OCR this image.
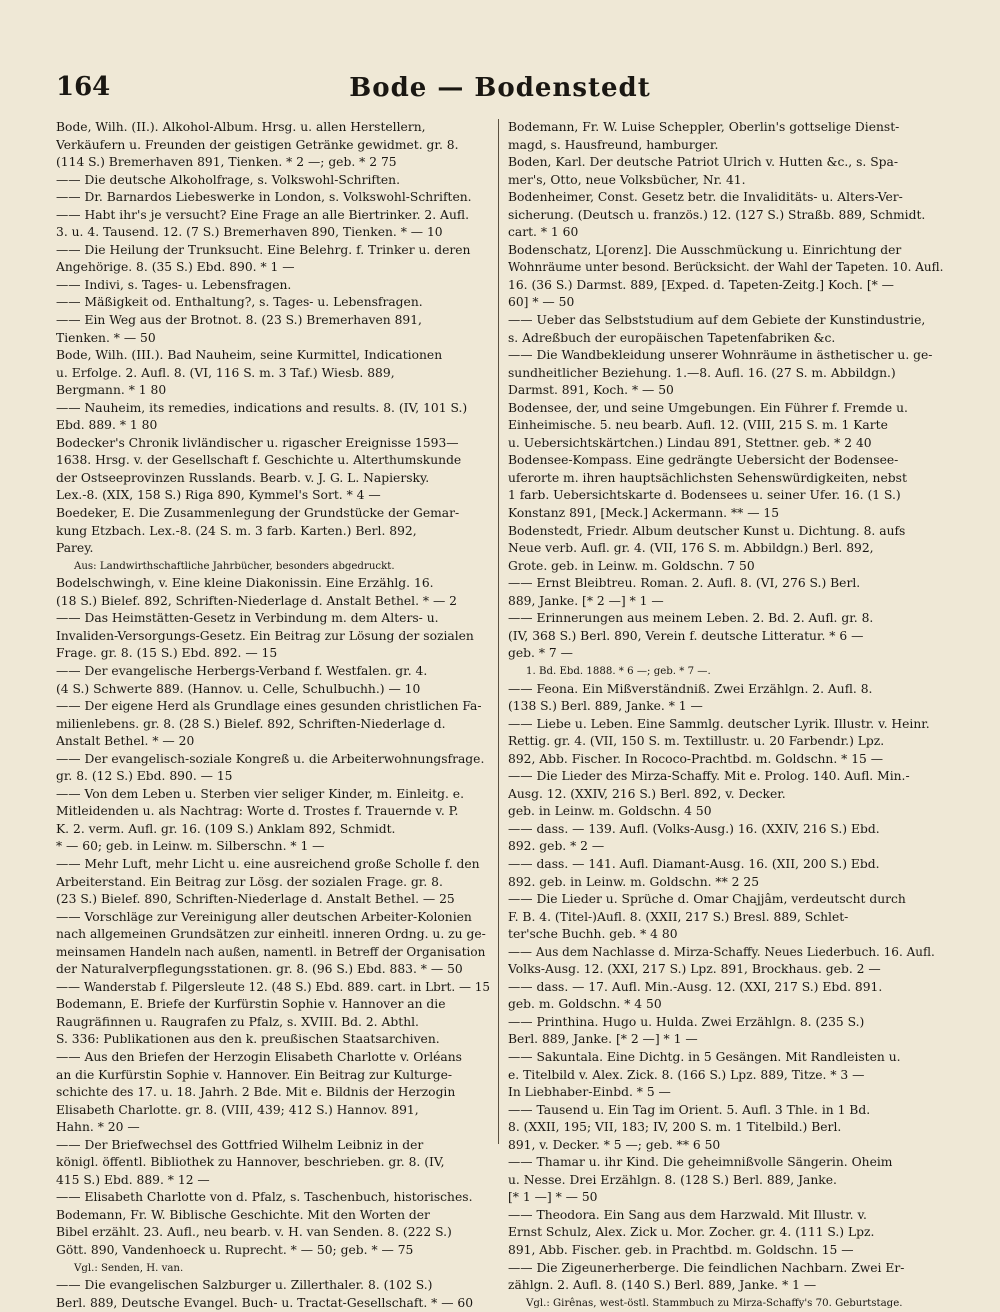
164	Bode — Bodenstedt
Bode, Wilh. (II.). Alkohol-Album. Hrsg. u. allen Herstellern,
Verkäufern u. Freunden der geistigen Getränke gewidmet. gr. 8.
(114 S.) Bremerhaven 891, Tienken. * 2 —; geb. * 2 75
—— Die deutsche Alkoholfrage, s. Volkswohl-Schriften.
—— Dr. Barnardos Liebeswerke in London, s. Volkswohl-Schriften.
—— Habt ihr's je versucht? Eine Frage an alle Biertrinker. 2. Aufl.
3. u. 4. Tausend. 12. (7 S.) Bremerhaven 890, Tienken. * — 10
—— Die Heilung der Trunksucht. Eine Belehrg. f. Trinker u. deren
Angehörige. 8. (35 S.) Ebd. 890. * 1 —
—— Indivi, s. Tages- u. Lebensfragen.
—— Mäßigkeit od. Enthaltung?, s. Tages- u. Lebensfragen.
—— Ein Weg aus der Brotnot. 8. (23 S.) Bremerhaven 891,
Tienken. * — 50
Bode, Wilh. (III.). Bad Nauheim, seine Kurmittel, Indicationen
u. Erfolge. 2. Aufl. 8. (VI, 116 S. m. 3 Taf.) Wiesb. 889,
Bergmann. * 1 80
—— Nauheim, its remedies, indications and results. 8. (IV, 101 S.)
Ebd. 889. * 1 80
Bodecker's Chronik livländischer u. rigascher Ereignisse 1593—
1638. Hrsg. v. der Gesellschaft f. Geschichte u. Alterthumskunde
der Ostseeprovinzen Russlands. Bearb. v. J. G. L. Napiersky.
Lex.-8. (XIX, 158 S.) Riga 890, Kymmel's Sort. * 4 —
Boedeker, E. Die Zusammenlegung der Grundstücke der Gemar-
kung Etzbach. Lex.-8. (24 S. m. 3 farb. Karten.) Berl. 892,
Parey.
Aus: Landwirthschaftliche Jahrbücher, besonders abgedruckt.
Bodelschwingh, v. Eine kleine Diakonissin. Eine Erzählg. 16.
(18 S.) Bielef. 892, Schriften-Niederlage d. Anstalt Bethel. * — 2
—— Das Heimstätten-Gesetz in Verbindung m. dem Alters- u.
Invaliden-Versorgungs-Gesetz. Ein Beitrag zur Lösung der sozialen
Frage. gr. 8. (15 S.) Ebd. 892. — 15
—— Der evangelische Herbergs-Verband f. Westfalen. gr. 4.
(4 S.) Schwerte 889. (Hannov. u. Celle, Schulbuchh.) — 10
—— Der eigene Herd als Grundlage eines gesunden christlichen Fa-
milienlebens. gr. 8. (28 S.) Bielef. 892, Schriften-Niederlage d.
Anstalt Bethel. * — 20
—— Der evangelisch-soziale Kongreß u. die Arbeiterwohnungsfrage.
gr. 8. (12 S.) Ebd. 890. — 15
—— Von dem Leben u. Sterben vier seliger Kinder, m. Einleitg. e.
Mitleidenden u. als Nachtrag: Worte d. Trostes f. Trauernde v. P.
K. 2. verm. Aufl. gr. 16. (109 S.) Anklam 892, Schmidt.
* — 60; geb. in Leinw. m. Silberschn. * 1 —
—— Mehr Luft, mehr Licht u. eine ausreichend große Scholle f. den
Arbeiterstand. Ein Beitrag zur Lösg. der sozialen Frage. gr. 8.
(23 S.) Bielef. 890, Schriften-Niederlage d. Anstalt Bethel. — 25
—— Vorschläge zur Vereinigung aller deutschen Arbeiter-Kolonien
nach allgemeinen Grundsätzen zur einheitl. inneren Ordng. u. zu ge-
meinsamen Handeln nach außen, namentl. in Betreff der Organisation
der Naturalverpflegungsstationen. gr. 8. (96 S.) Ebd. 883. * — 50
—— Wanderstab f. Pilgersleute 12. (48 S.) Ebd. 889. cart. in Lbrt. — 15
Bodemann, E. Briefe der Kurfürstin Sophie v. Hannover an die
Raugräfinnen u. Raugrafen zu Pfalz, s. XVIII. Bd. 2. Abthl.
S. 336: Publikationen aus den k. preußischen Staatsarchiven.
—— Aus den Briefen der Herzogin Elisabeth Charlotte v. Orléans
an die Kurfürstin Sophie v. Hannover. Ein Beitrag zur Kulturge-
schichte des 17. u. 18. Jahrh. 2 Bde. Mit e. Bildnis der Herzogin
Elisabeth Charlotte. gr. 8. (VIII, 439; 412 S.) Hannov. 891,
Hahn. * 20 —
—— Der Briefwechsel des Gottfried Wilhelm Leibniz in der
königl. öffentl. Bibliothek zu Hannover, beschrieben. gr. 8. (IV,
415 S.) Ebd. 889. * 12 —
—— Elisabeth Charlotte von d. Pfalz, s. Taschenbuch, historisches.
Bodemann, Fr. W. Biblische Geschichte. Mit den Worten der
Bibel erzählt. 23. Aufl., neu bearb. v. H. van Senden. 8. (222 S.)
Gött. 890, Vandenhoeck u. Ruprecht. * — 50; geb. * — 75
Vgl.: Senden, H. van.
—— Die evangelischen Salzburger u. Zillerthaler. 8. (102 S.)
Berl. 889, Deutsche Evangel. Buch- u. Tractat-Gesellschaft. * — 60
Bodemann, Fr. W. Luise Scheppler, Oberlin's gottselige Dienst-
magd, s. Hausfreund, hamburger.
Boden, Karl. Der deutsche Patriot Ulrich v. Hutten &c., s. Spa-
mer's, Otto, neue Volksbücher, Nr. 41.
Bodenheimer, Const. Gesetz betr. die Invaliditäts- u. Alters-Ver-
sicherung. (Deutsch u. französ.) 12. (127 S.) Straßb. 889, Schmidt.
cart. * 1 60
Bodenschatz, L[orenz]. Die Ausschmückung u. Einrichtung der
Wohnräume unter besond. Berücksicht. der Wahl der Tapeten. 10. Aufl.
16. (36 S.) Darmst. 889, [Exped. d. Tapeten-Zeitg.] Koch. [* —
60] * — 50
—— Ueber das Selbststudium auf dem Gebiete der Kunstindustrie,
s. Adreßbuch der europäischen Tapetenfabriken &c.
—— Die Wandbekleidung unserer Wohnräume in ästhetischer u. ge-
sundheitlicher Beziehung. 1.—8. Aufl. 16. (27 S. m. Abbildgn.)
Darmst. 891, Koch. * — 50
Bodensee, der, und seine Umgebungen. Ein Führer f. Fremde u.
Einheimische. 5. neu bearb. Aufl. 12. (VIII, 215 S. m. 1 Karte
u. Uebersichtskärtchen.) Lindau 891, Stettner. geb. * 2 40
Bodensee-Kompass. Eine gedrängte Uebersicht der Bodensee-
uferorte m. ihren hauptsächlichsten Sehenswürdigkeiten, nebst
1 farb. Uebersichtskarte d. Bodensees u. seiner Ufer. 16. (1 S.)
Konstanz 891, [Meck.] Ackermann. ** — 15
Bodenstedt, Friedr. Album deutscher Kunst u. Dichtung. 8. aufs
Neue verb. Aufl. gr. 4. (VII, 176 S. m. Abbildgn.) Berl. 892,
Grote. geb. in Leinw. m. Goldschn. 7 50
—— Ernst Bleibtreu. Roman. 2. Aufl. 8. (VI, 276 S.) Berl.
889, Janke. [* 2 —] * 1 —
—— Erinnerungen aus meinem Leben. 2. Bd. 2. Aufl. gr. 8.
(IV, 368 S.) Berl. 890, Verein f. deutsche Litteratur. * 6 —
geb. * 7 —
1. Bd. Ebd. 1888. * 6 —; geb. * 7 —.
—— Feona. Ein Mißverständniß. Zwei Erzählgn. 2. Aufl. 8.
(138 S.) Berl. 889, Janke. * 1 —
—— Liebe u. Leben. Eine Sammlg. deutscher Lyrik. Illustr. v. Heinr.
Rettig. gr. 4. (VII, 150 S. m. Textillustr. u. 20 Farbendr.) Lpz.
892, Abb. Fischer. In Rococo-Prachtbd. m. Goldschn. * 15 —
—— Die Lieder des Mirza-Schaffy. Mit e. Prolog. 140. Aufl. Min.-
Ausg. 12. (XXIV, 216 S.) Berl. 892, v. Decker.
geb. in Leinw. m. Goldschn. 4 50
—— dass. — 139. Aufl. (Volks-Ausg.) 16. (XXIV, 216 S.) Ebd.
892. geb. * 2 —
—— dass. — 141. Aufl. Diamant-Ausg. 16. (XII, 200 S.) Ebd.
892. geb. in Leinw. m. Goldschn. ** 2 25
—— Die Lieder u. Sprüche d. Omar Chajjâm, verdeutscht durch
F. B. 4. (Titel-)Aufl. 8. (XXII, 217 S.) Bresl. 889, Schlet-
ter'sche Buchh. geb. * 4 80
—— Aus dem Nachlasse d. Mirza-Schaffy. Neues Liederbuch. 16. Aufl.
Volks-Ausg. 12. (XXI, 217 S.) Lpz. 891, Brockhaus. geb. 2 —
—— dass. — 17. Aufl. Min.-Ausg. 12. (XXI, 217 S.) Ebd. 891.
geb. m. Goldschn. * 4 50
—— Printhina. Hugo u. Hulda. Zwei Erzählgn. 8. (235 S.)
Berl. 889, Janke. [* 2 —] * 1 —
—— Sakuntala. Eine Dichtg. in 5 Gesängen. Mit Randleisten u.
e. Titelbild v. Alex. Zick. 8. (166 S.) Lpz. 889, Titze. * 3 —
In Liebhaber-Einbd. * 5 —
—— Tausend u. Ein Tag im Orient. 5. Aufl. 3 Thle. in 1 Bd.
8. (XXII, 195; VII, 183; IV, 200 S. m. 1 Titelbild.) Berl.
891, v. Decker. * 5 —; geb. ** 6 50
—— Thamar u. ihr Kind. Die geheimnißvolle Sängerin. Oheim
u. Nesse. Drei Erzählgn. 8. (128 S.) Berl. 889, Janke.
[* 1 —] * — 50
—— Theodora. Ein Sang aus dem Harzwald. Mit Illustr. v.
Ernst Schulz, Alex. Zick u. Mor. Zocher. gr. 4. (111 S.) Lpz.
891, Abb. Fischer. geb. in Prachtbd. m. Goldschn. 15 —
—— Die Zigeunerherberge. Die feindlichen Nachbarn. Zwei Er-
zählgn. 2. Aufl. 8. (140 S.) Berl. 889, Janke. * 1 —
Vgl.: Girênas, west-östl. Stammbuch zu Mirza-Schaffy's 70. Geburtstage.
